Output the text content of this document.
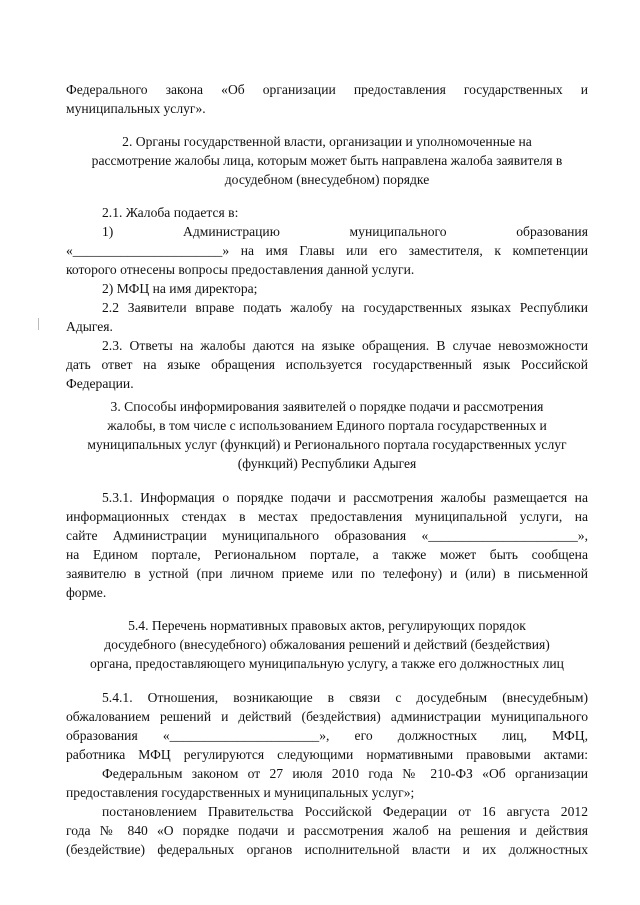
Федерального закона «Об организации предоставления государственных и
муниципальных услуг».
2. Органы государственной власти, организации и уполномоченные на
рассмотрение жалобы лица, которым может быть направлена жалоба заявителя в
досудебном (внесудебном) порядке
2.1. Жалоба подается в:
1)	Администрацию	муниципального	образования
«______________________» на имя Главы или его заместителя, к компетенции
которого отнесены вопросы предоставления данной услуги.
2) МФЦ на имя директора;
2.2 Заявители вправе подать жалобу на государственных языках Республики
Адыгея.
2.3. Ответы на жалобы даются на языке обращения. В случае невозможности
дать ответ на языке обращения используется государственный язык Российской
Федерации.
3. Способы информирования заявителей о порядке подачи и рассмотрения
жалобы, в том числе с использованием Единого портала государственных и
муниципальных услуг (функций) и Регионального портала государственных услуг
(функций) Республики Адыгея
5.3.1. Информация о порядке подачи и рассмотрения жалобы размещается на
информационных стендах в местах предоставления муниципальной услуги, на
сайте Администрации муниципального образования «______________________»,
на Едином портале, Региональном портале, а также может быть сообщена
заявителю в устной (при личном приеме или по телефону) и (или) в письменной
форме.
5.4. Перечень нормативных правовых актов, регулирующих порядок
досудебного (внесудебного) обжалования решений и действий (бездействия)
органа, предоставляющего муниципальную услугу, а также его должностных лиц
5.4.1. Отношения, возникающие в связи с досудебным (внесудебным)
обжалованием решений и действий (бездействия) администрации муниципального
образования «______________________», его должностных лиц, МФЦ,
работника МФЦ регулируются следующими нормативными правовыми актами:
Федеральным законом от 27 июля 2010 года № 210-ФЗ «Об организации
предоставления государственных и муниципальных услуг»;
постановлением Правительства Российской Федерации от 16 августа 2012
года № 840 «О порядке подачи и рассмотрения жалоб на решения и действия
(бездействие) федеральных органов исполнительной власти и их должностных
